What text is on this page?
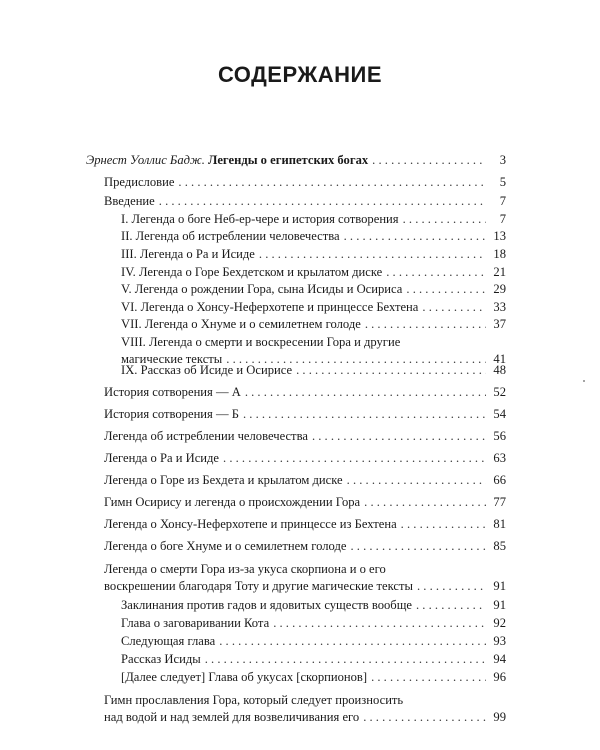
СОДЕРЖАНИЕ
Эрнест Уоллис Бадж. Легенды о египетских богах . . .	3
Предисловие . . .	5
Введение . . .	7
I. Легенда о боге Неб-ер-чере и история сотворения . . .	7
II. Легенда об истреблении человечества . . .	13
III. Легенда о Ра и Исиде . . .	18
IV. Легенда о Горе Бехдетском и крылатом диске . . .	21
V. Легенда о рождении Гора, сына Исиды и Осириса . . .	29
VI. Легенда о Хонсу-Неферхотепе и принцессе Бехтена . . .	33
VII. Легенда о Хнуме и о семилетнем голоде . . .	37
VIII. Легенда о смерти и воскресении Гора и другие
магические тексты . . .	41
IX. Рассказ об Исиде и Осирисе . . .	48
История сотворения — А . . .	52
История сотворения — Б . . .	54
Легенда об истреблении человечества . . .	56
Легенда о Ра и Исиде . . .	63
Легенда о Горе из Бехдета и крылатом диске . . .	66
Гимн Осирису и легенда о происхождении Гора . . .	77
Легенда о Хонсу-Неферхотепе и принцессе из Бехтена . . .	81
Легенда о боге Хнуме и о семилетнем голоде . . .	85
Легенда о смерти Гора из-за укуса скорпиона и о его
воскрешении благодаря Тоту и другие магические тексты . . .	91
Заклинания против гадов и ядовитых существ вообще . . .	91
Глава о заговаривании Кота . . .	92
Следующая глава . . .	93
Рассказ Исиды . . .	94
[Далее следует] Глава об укусах [скорпионов] . . .	96
Гимн прославления Гора, который следует произносить
над водой и над землей для возвеличивания его . . .	99
